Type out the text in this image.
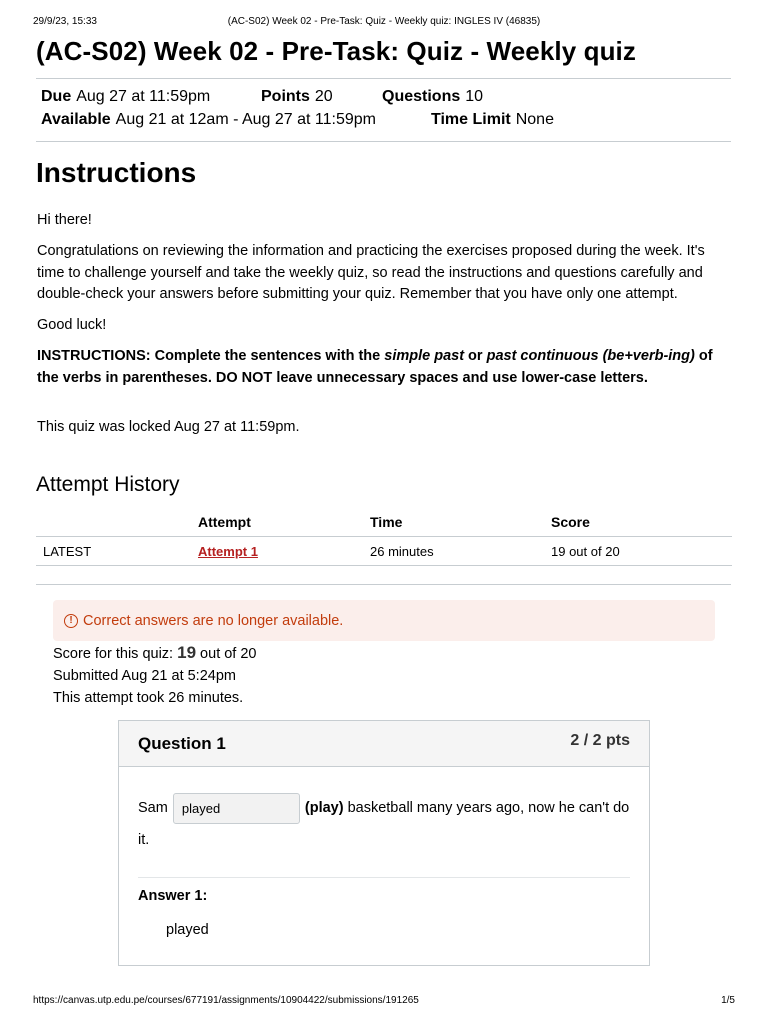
29/9/23, 15:33	(AC-S02) Week 02 - Pre-Task: Quiz - Weekly quiz: INGLES IV (46835)
(AC-S02) Week 02 - Pre-Task: Quiz - Weekly quiz
Due Aug 27 at 11:59pm	Points 20	Questions 10
Available Aug 21 at 12am - Aug 27 at 11:59pm	Time Limit None
Instructions

Hi there!

Congratulations on reviewing the information and practicing the exercises proposed during the week. It's time to challenge yourself and take the weekly quiz, so read the instructions and questions carefully and double-check your answers before submitting your quiz. Remember that you have only one attempt.

Good luck!

INSTRUCTIONS: Complete the sentences with the simple past or past continuous (be+verb-ing) of the verbs in parentheses. DO NOT leave unnecessary spaces and use lower-case letters.

This quiz was locked Aug 27 at 11:59pm.

Attempt History
	Attempt	Time	Score
LATEST	Attempt 1	26 minutes	19 out of 20
! Correct answers are no longer available.
Score for this quiz: 19 out of 20
Submitted Aug 21 at 5:24pm
This attempt took 26 minutes.
Question 1	2 / 2 pts
Sam played	(play) basketball many years ago, now he can't do it.
Answer 1:
played
https://canvas.utp.edu.pe/courses/677191/assignments/10904422/submissions/191265	1/5
